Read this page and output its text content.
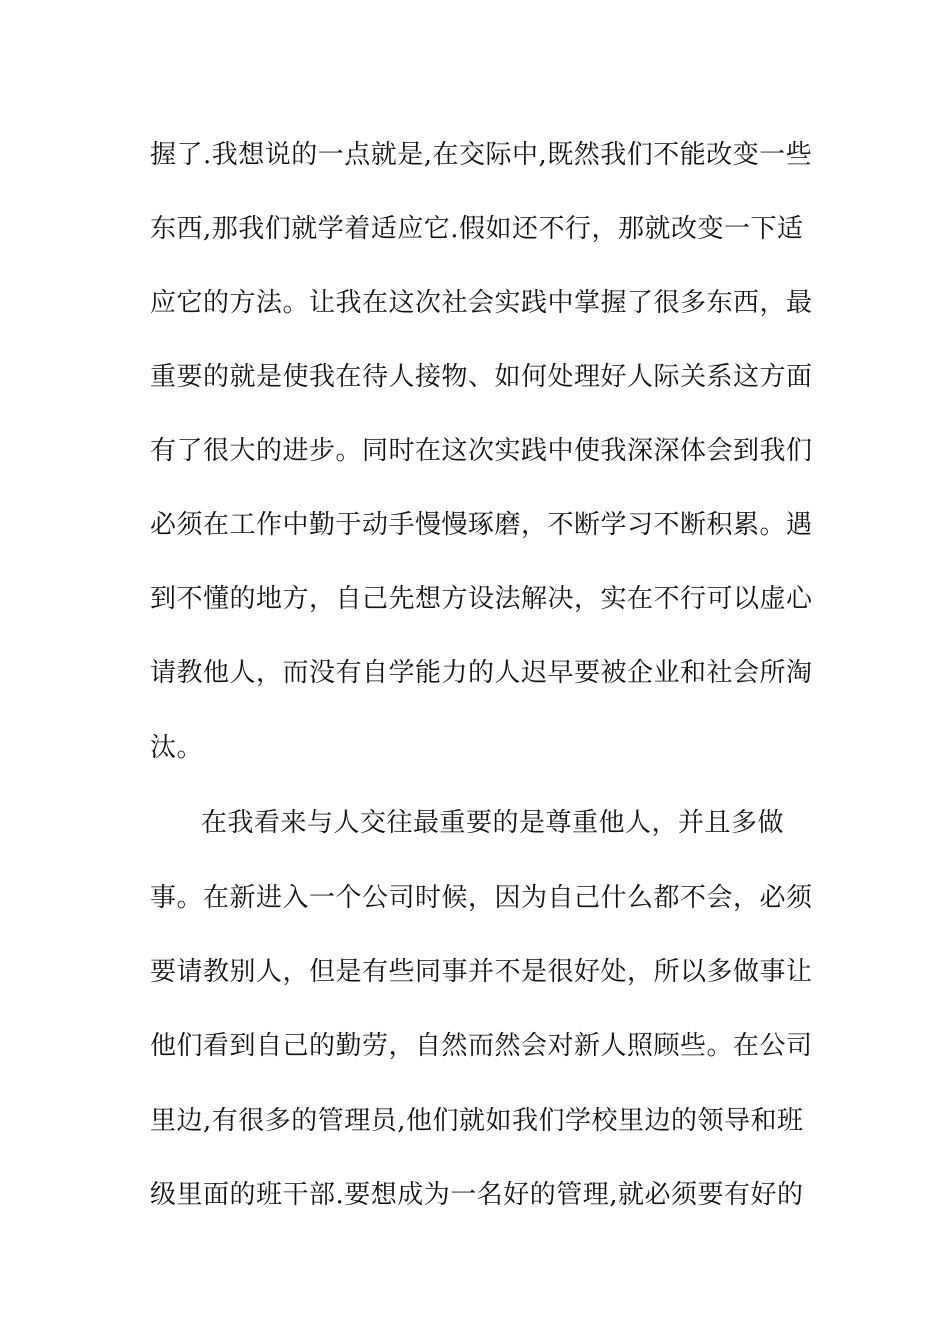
握了.我想说的一点就是,在交际中,既然我们不能改变一些
东西,那我们就学着适应它.假如还不行，那就改变一下适
应它的方法。让我在这次社会实践中掌握了很多东西，最
重要的就是使我在待人接物、如何处理好人际关系这方面
有了很大的进步。同时在这次实践中使我深深体会到我们
必须在工作中勤于动手慢慢琢磨，不断学习不断积累。遇
到不懂的地方，自己先想方设法解决，实在不行可以虚心
请教他人，而没有自学能力的人迟早要被企业和社会所淘
汰。
在我看来与人交往最重要的是尊重他人，并且多做
事。在新进入一个公司时候，因为自己什么都不会，必须
要请教别人，但是有些同事并不是很好处，所以多做事让
他们看到自己的勤劳，自然而然会对新人照顾些。在公司
里边,有很多的管理员,他们就如我们学校里边的领导和班
级里面的班干部.要想成为一名好的管理,就必须要有好的
